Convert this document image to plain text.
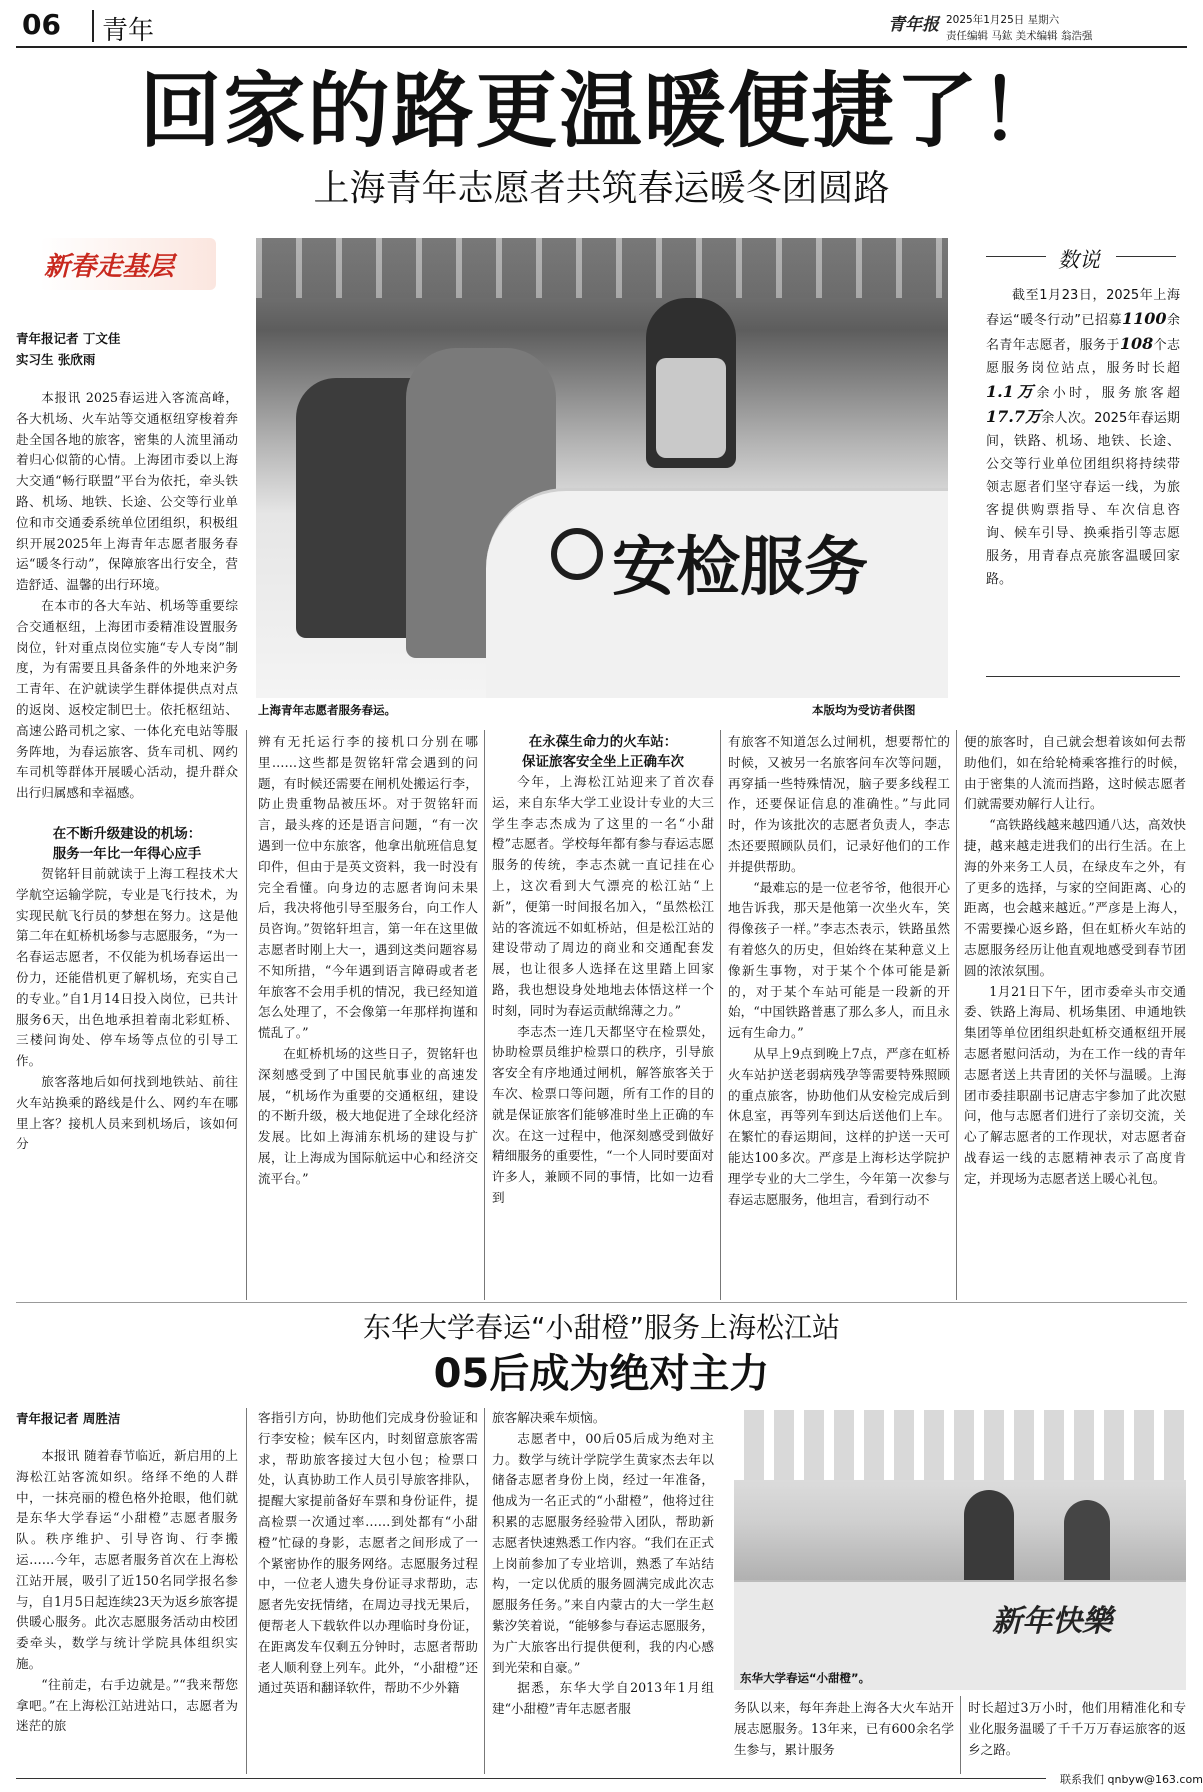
06 青年	青年报 2025年1月25日 星期六
责任编辑 马鈜 美术编辑 翁浩强
回家的路更温暖便捷了！
上海青年志愿者共筑春运暖冬团圆路
新春走基层
安检服务
上海青年志愿者服务春运。	本版均为受访者供图
数说
截至1月23日，2025年上海春运“暖冬行动”已招募1100余名青年志愿者，服务于108个志愿服务岗位站点，服务时长超1.1万余小时，服务旅客超17.7万余人次。2025年春运期间，铁路、机场、地铁、长途、公交等行业单位团组织将持续带领志愿者们坚守春运一线，为旅客提供购票指导、车次信息咨询、候车引导、换乘指引等志愿服务，用青春点亮旅客温暖回家路。
青年报记者 丁文佳
实习生 张欣雨

本报讯 2025春运进入客流高峰，各大机场、火车站等交通枢纽穿梭着奔赴全国各地的旅客，密集的人流里涌动着归心似箭的心情。上海团市委以上海大交通“畅行联盟”平台为依托，牵头铁路、机场、地铁、长途、公交等行业单位和市交通委系统单位团组织，积极组织开展2025年上海青年志愿者服务春运“暖冬行动”，保障旅客出行安全，营造舒适、温馨的出行环境。

在本市的各大车站、机场等重要综合交通枢纽，上海团市委精准设置服务岗位，针对重点岗位实施“专人专岗”制度，为有需要且具备条件的外地来沪务工青年、在沪就读学生群体提供点对点的返岗、返校定制巴士。依托枢纽站、高速公路司机之家、一体化充电站等服务阵地，为春运旅客、货车司机、网约车司机等群体开展暖心活动，提升群众出行归属感和幸福感。

在不断升级建设的机场：
服务一年比一年得心应手

贺铭轩目前就读于上海工程技术大学航空运输学院，专业是飞行技术，为实现民航飞行员的梦想在努力。这是他第二年在虹桥机场参与志愿服务，“为一名春运志愿者，不仅能为机场春运出一份力，还能借机更了解机场，充实自己的专业。”自1月14日投入岗位，已共计服务6天，出色地承担着南北彩虹桥、三楼问询处、停车场等点位的引导工作。

旅客落地后如何找到地铁站、前往火车站换乘的路线是什么、网约车在哪里上客？接机人员来到机场后，该如何分

辨有无托运行李的接机口分别在哪里……这些都是贺铭轩常会遇到的问题，有时候还需要在闸机处搬运行李，防止贵重物品被压坏。对于贺铭轩而言，最头疼的还是语言问题，“有一次遇到一位中东旅客，他拿出航班信息复印件，但由于是英文资料，我一时没有完全看懂。向身边的志愿者询问未果后，我决将他引导至服务台，向工作人员咨询。”贺铭轩坦言，第一年在这里做志愿者时刚上大一，遇到这类问题容易不知所措，“今年遇到语言障碍或者老年旅客不会用手机的情况，我已经知道怎么处理了，不会像第一年那样拘谨和慌乱了。”

在虹桥机场的这些日子，贺铭轩也深刻感受到了中国民航事业的高速发展，“机场作为重要的交通枢纽，建设的不断升级，极大地促进了全球化经济发展。比如上海浦东机场的建设与扩展，让上海成为国际航运中心和经济交流平台。”

在永葆生命力的火车站：
保证旅客安全坐上正确车次

今年，上海松江站迎来了首次春运，来自东华大学工业设计专业的大三学生李志杰成为了这里的一名“小甜橙”志愿者。学校每年都有参与春运志愿服务的传统，李志杰就一直记挂在心上，这次看到大气漂亮的松江站“上新”，便第一时间报名加入，“虽然松江站的客流远不如虹桥站，但是松江站的建设带动了周边的商业和交通配套发展，也让很多人选择在这里踏上回家路，我也想设身处地地去体悟这样一个时刻，同时为春运贡献绵薄之力。”

李志杰一连几天都坚守在检票处，协助检票员维护检票口的秩序，引导旅客安全有序地通过闸机，解答旅客关于车次、检票口等问题，所有工作的目的就是保证旅客们能够准时坐上正确的车次。在这一过程中，他深刻感受到做好精细服务的重要性，“一个人同时要面对许多人，兼顾不同的事情，比如一边看到

有旅客不知道怎么过闸机，想要帮忙的时候，又被另一名旅客问车次等问题，再穿插一些特殊情况，脑子要多线程工作，还要保证信息的准确性。”与此同时，作为该批次的志愿者负责人，李志杰还要照顾队员们，记录好他们的工作并提供帮助。

“最难忘的是一位老爷爷，他很开心地告诉我，那天是他第一次坐火车，笑得像孩子一样。”李志杰表示，铁路虽然有着悠久的历史，但始终在某种意义上像新生事物，对于某个个体可能是新的，对于某个车站可能是一段新的开始，“中国铁路普惠了那么多人，而且永远有生命力。”

从早上9点到晚上7点，严彦在虹桥火车站护送老弱病残孕等需要特殊照顾的重点旅客，协助他们从安检完成后到休息室，再等列车到达后送他们上车。在繁忙的春运期间，这样的护送一天可能达100多次。严彦是上海杉达学院护理学专业的大二学生，今年第一次参与春运志愿服务，他坦言，看到行动不

便的旅客时，自己就会想着该如何去帮助他们，如在给轮椅乘客推行的时候，由于密集的人流而挡路，这时候志愿者们就需要劝解行人让行。

“高铁路线越来越四通八达，高效快捷，越来越走进我们的出行生活。在上海的外来务工人员，在绿皮车之外，有了更多的选择，与家的空间距离、心的距离，也会越来越近。”严彦是上海人，不需要操心返乡路，但在虹桥火车站的志愿服务经历让他直观地感受到春节团圆的浓浓氛围。

1月21日下午，团市委牵头市交通委、铁路上海局、机场集团、申通地铁集团等单位团组织赴虹桥交通枢纽开展志愿者慰问活动，为在工作一线的青年志愿者送上共青团的关怀与温暖。上海团市委挂职副书记唐志宇参加了此次慰问，他与志愿者们进行了亲切交流，关心了解志愿者的工作现状，对志愿者奋战春运一线的志愿精神表示了高度肯定，并现场为志愿者送上暖心礼包。

东华大学春运“小甜橙”服务上海松江站
05后成为绝对主力
青年报记者 周胜洁

本报讯 随着春节临近，新启用的上海松江站客流如织。络绎不绝的人群中，一抹亮丽的橙色格外抢眼，他们就是东华大学春运“小甜橙”志愿者服务队。秩序维护、引导咨询、行李搬运……今年，志愿者服务首次在上海松江站开展，吸引了近150名同学报名参与，自1月5日起连续23天为返乡旅客提供暖心服务。此次志愿服务活动由校团委牵头，数学与统计学院具体组织实施。

“往前走，右手边就是。”“我来帮您拿吧。”在上海松江站进站口，志愿者为迷茫的旅

客指引方向，协助他们完成身份验证和行李安检；候车区内，时刻留意旅客需求，帮助旅客接过大包小包；检票口处，认真协助工作人员引导旅客排队，提醒大家提前备好车票和身份证件，提高检票一次通过率……到处都有“小甜橙”忙碌的身影，志愿者之间形成了一个紧密协作的服务网络。志愿服务过程中，一位老人遗失身份证寻求帮助，志愿者先安抚情绪，在周边寻找无果后，便帮老人下载软件以办理临时身份证，在距离发车仅剩五分钟时，志愿者帮助老人顺利登上列车。此外，“小甜橙”还通过英语和翻译软件，帮助不少外籍

旅客解决乘车烦恼。

志愿者中，00后05后成为绝对主力。数学与统计学院学生黄家杰去年以储备志愿者身份上岗，经过一年准备，他成为一名正式的“小甜橙”，他将过往积累的志愿服务经验带入团队，帮助新志愿者快速熟悉工作内容。“我们在正式上岗前参加了专业培训，熟悉了车站结构，一定以优质的服务圆满完成此次志愿服务任务。”来自内蒙古的大一学生赵紫汐笑着说，“能够参与春运志愿服务，为广大旅客出行提供便利，我的内心感到光荣和自豪。”

据悉，东华大学自2013年1月组建“小甜橙”青年志愿者服

新年快樂
东华大学春运“小甜橙”。

务队以来，每年奔赴上海各大火车站开展志愿服务。13年来，已有600余名学生参与，累计服务

时长超过3万小时，他们用精准化和专业化服务温暖了千千万万春运旅客的返乡之路。

联系我们 qnbyw@163.com
